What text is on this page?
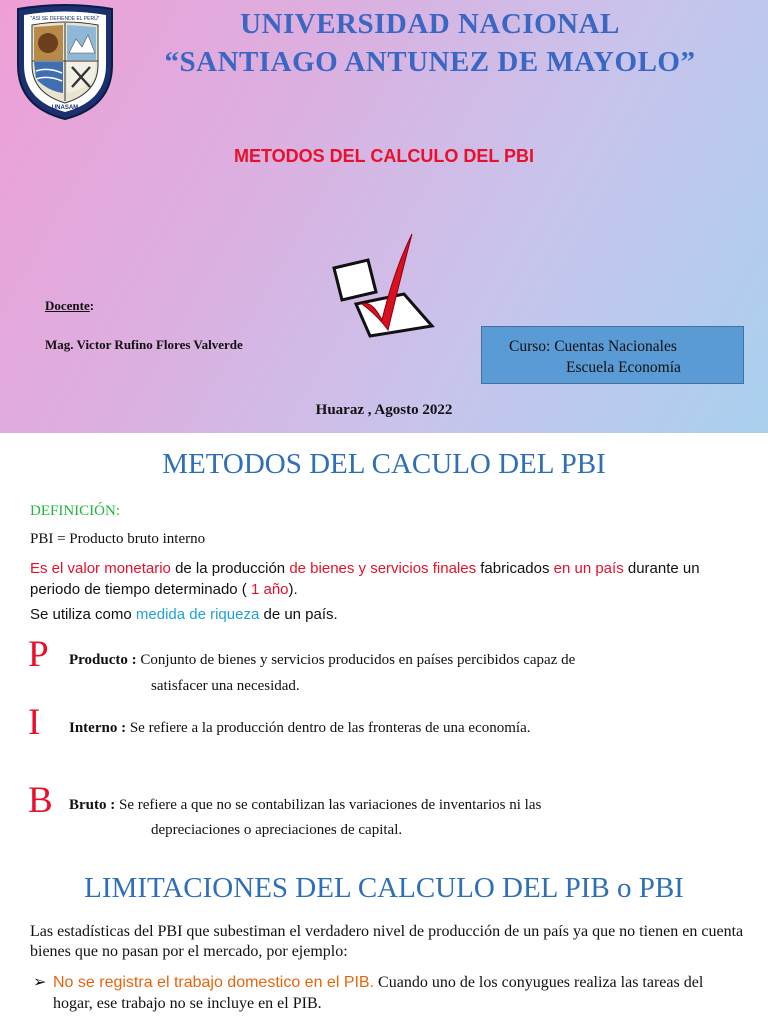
"ASÍ SE DEFIENDE EL PERÚ"
UNASAM
UNIVERSIDAD NACIONAL
“SANTIAGO ANTUNEZ DE MAYOLO”
METODOS DEL CALCULO DEL PBI
Docente:
Mag. Victor Rufino Flores Valverde	Curso: Cuentas Nacionales
Escuela Economía
Huaraz , Agosto 2022
METODOS DEL CACULO DEL PBI
DEFINICIÓN:
PBI = Producto bruto interno
Es el valor monetario de la producción de bienes y servicios finales fabricados en un país durante un periodo de tiempo determinado ( 1 año).
Se utiliza como medida de riqueza de un país.
P Producto : Conjunto de bienes y servicios producidos en países percibidos capaz de
satisfacer una necesidad.
I Interno : Se refiere a la producción dentro de las fronteras de una economía.
B Bruto : Se refiere a que no se contabilizan las variaciones de inventarios ni las
depreciaciones o apreciaciones de capital.
LIMITACIONES DEL CALCULO DEL PIB o PBI
Las estadísticas del PBI que subestiman el verdadero nivel de producción de un país ya que no tienen en cuenta bienes que no pasan por el mercado, por ejemplo:
➢ No se registra el trabajo domestico en el PIB. Cuando uno de los conyugues realiza las tareas del hogar, ese trabajo no se incluye en el PIB.
